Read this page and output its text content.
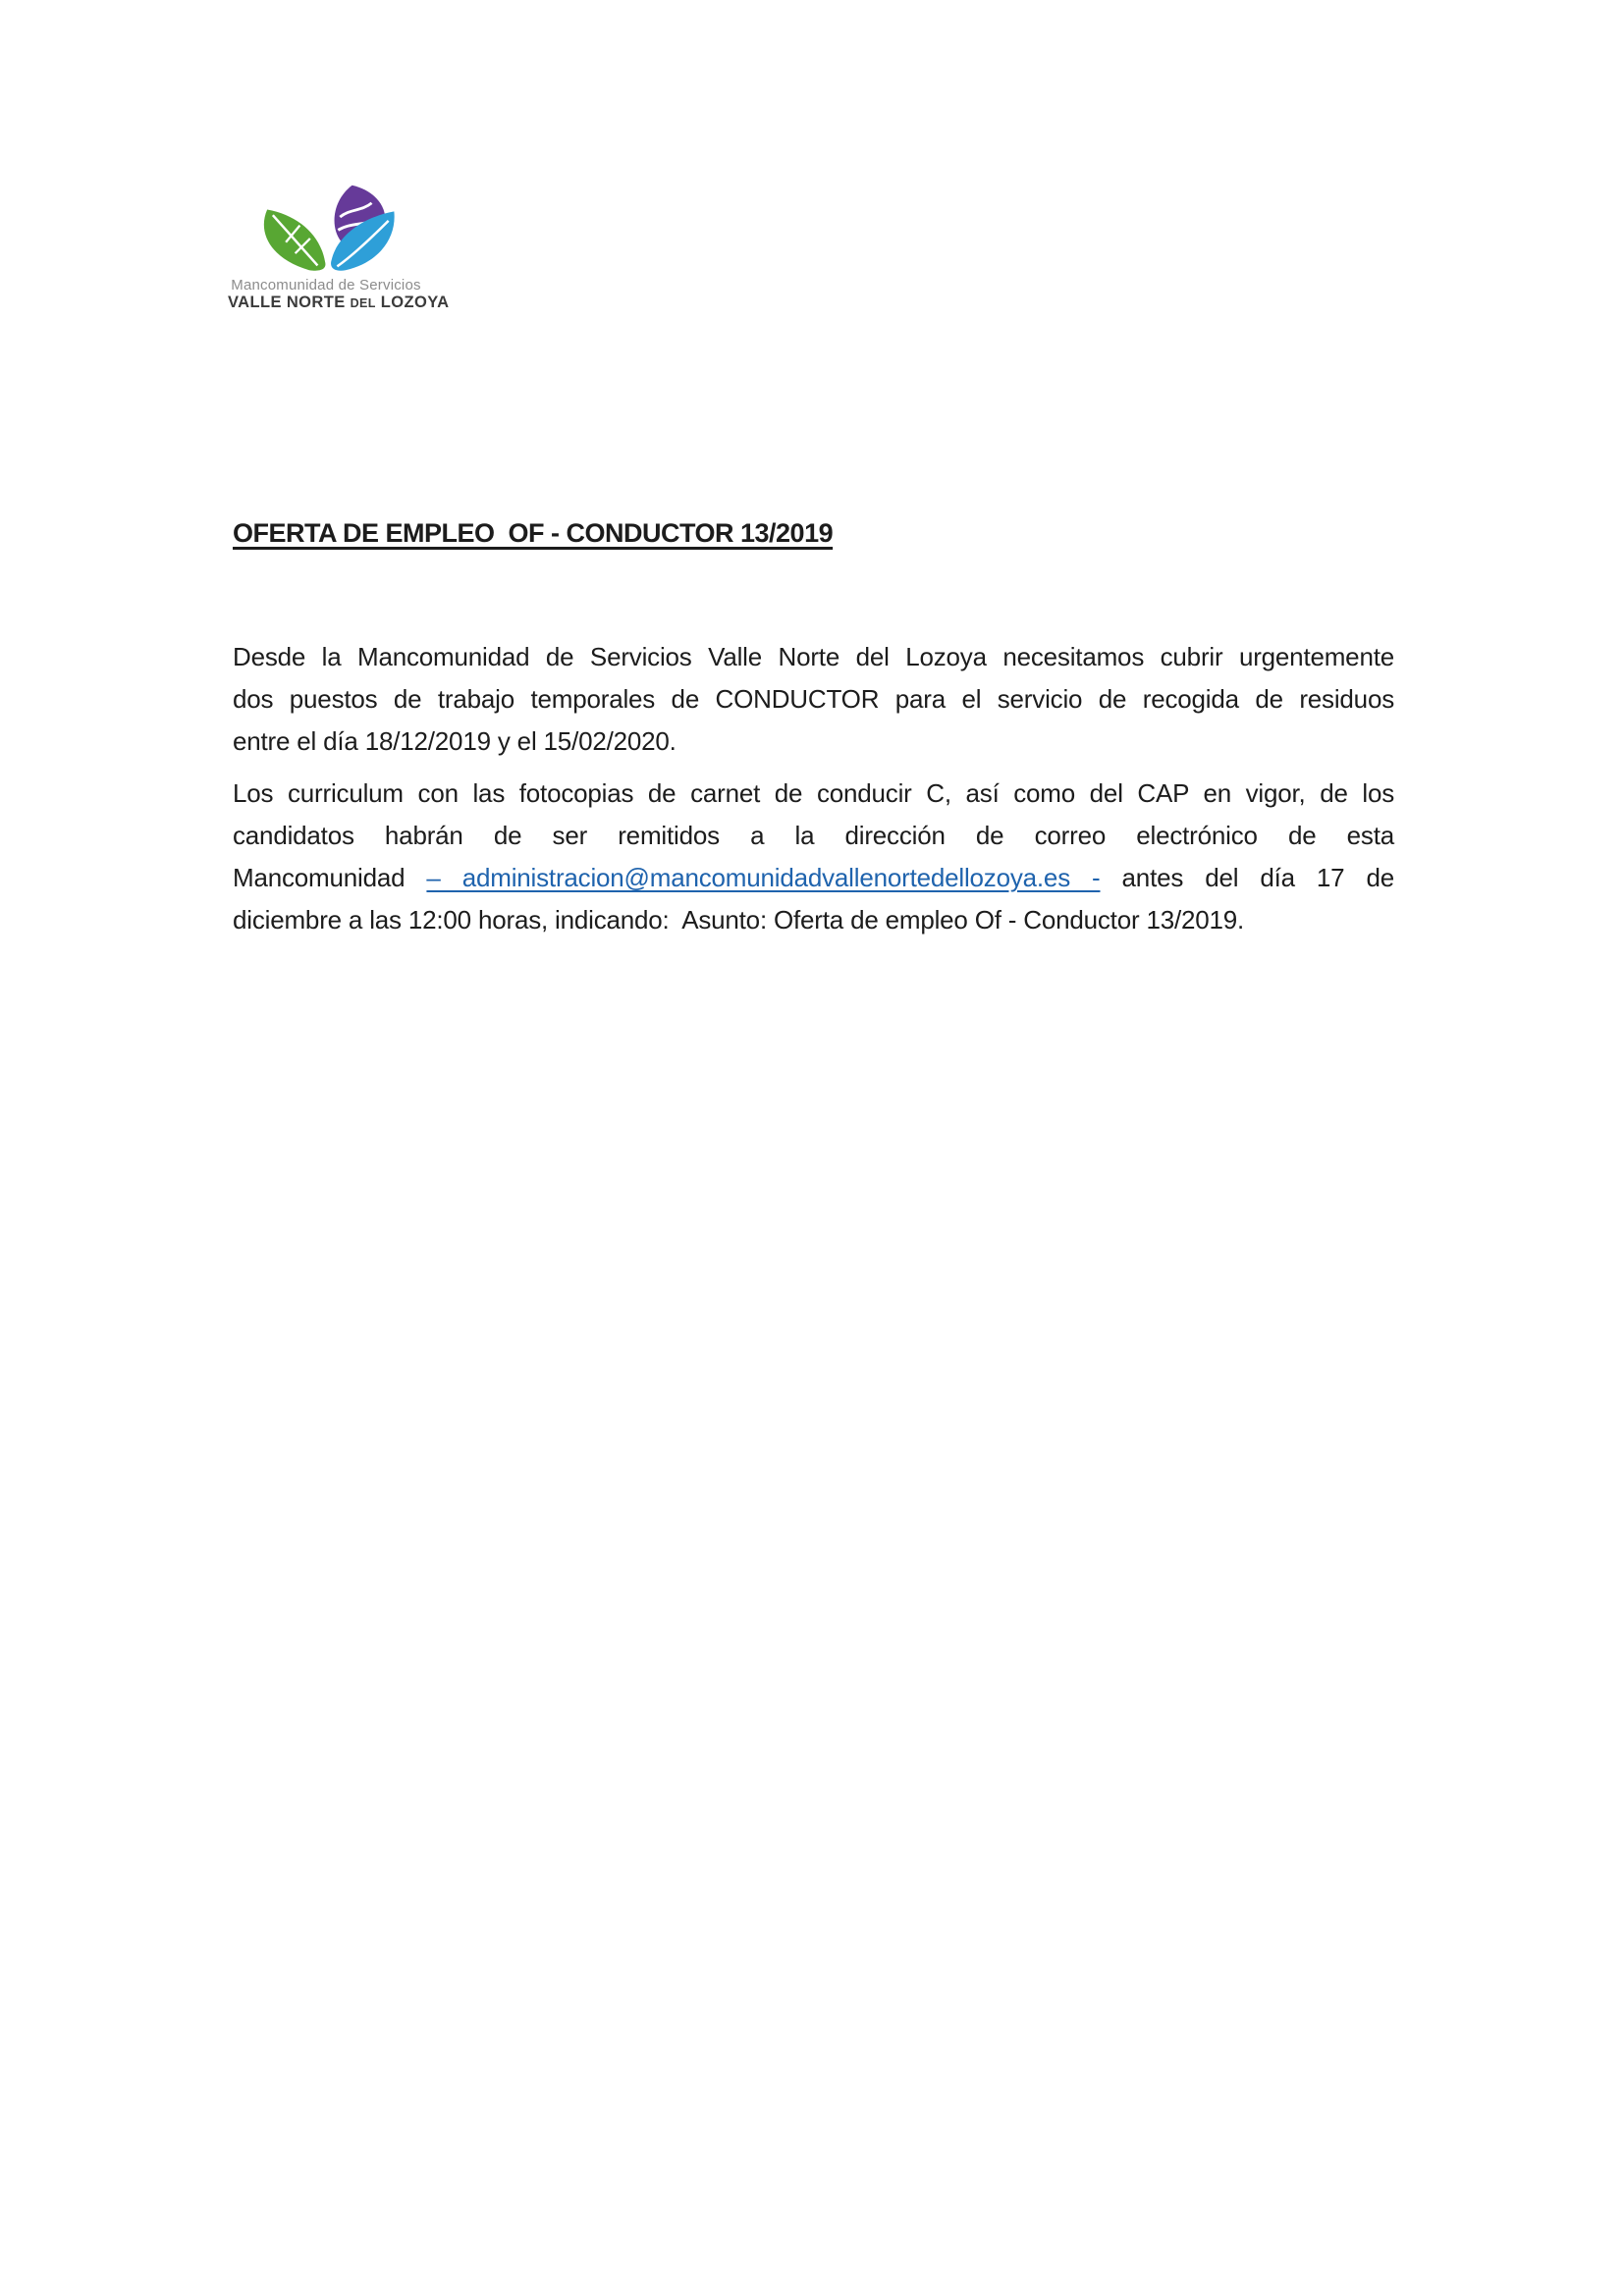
Mancomunidad de Servicios
VALLE NORTE DEL LOZOYA
OFERTA DE EMPLEO  OF - CONDUCTOR 13/2019
Desde la Mancomunidad de Servicios Valle Norte del Lozoya necesitamos cubrir urgentemente
dos puestos de trabajo temporales de CONDUCTOR para el servicio de recogida de residuos
entre el día 18/12/2019 y el 15/02/2020.
Los curriculum con las fotocopias de carnet de conducir C, así como del CAP en vigor, de los
candidatos habrán de ser remitidos a la dirección de correo electrónico de esta
Mancomunidad – administracion@mancomunidadvallenortedellozoya.es - antes del día 17 de
diciembre a las 12:00 horas, indicando:  Asunto: Oferta de empleo Of - Conductor 13/2019.
